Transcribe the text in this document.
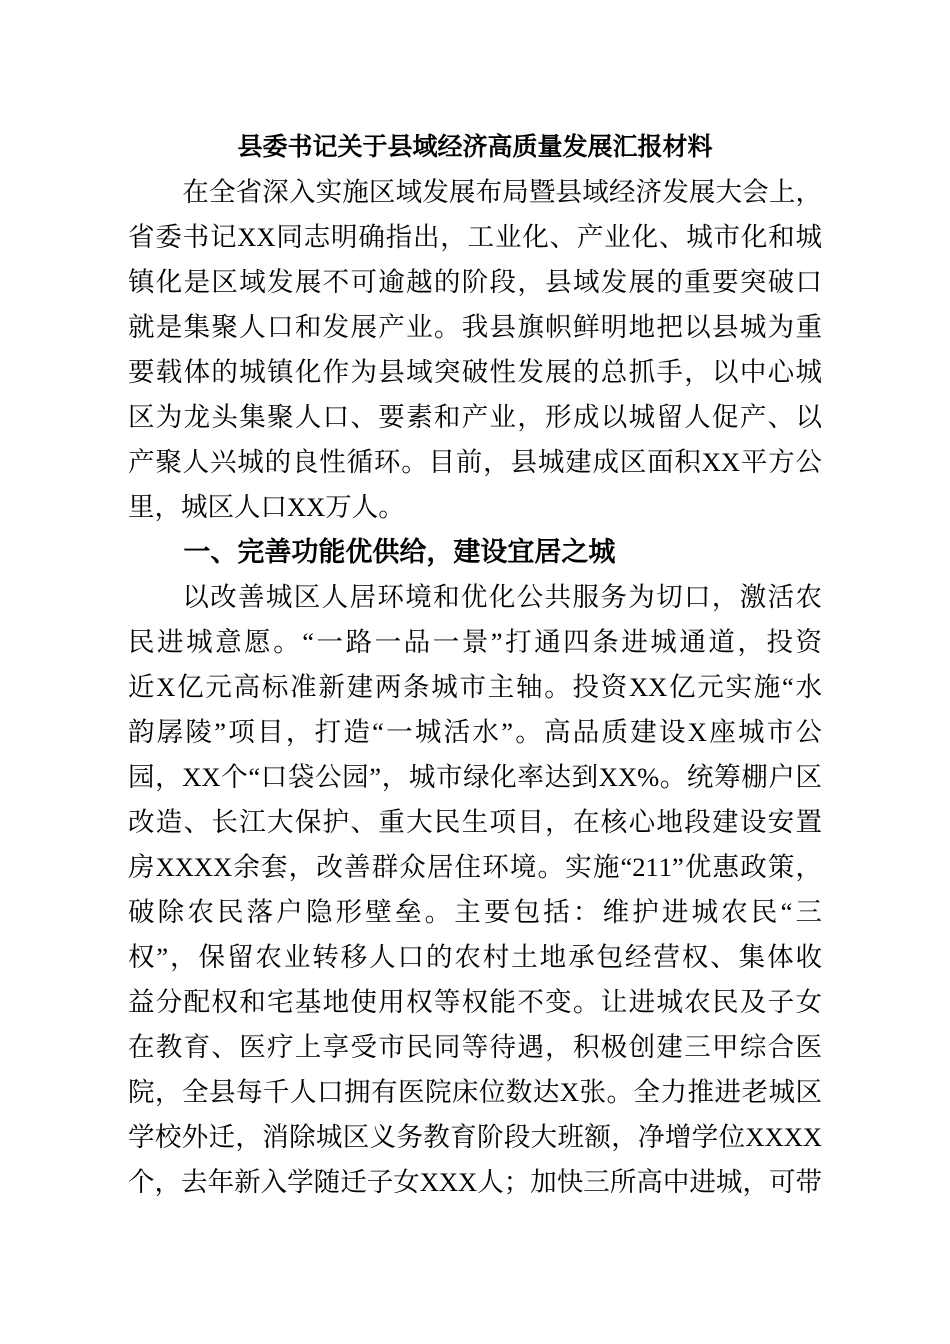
县委书记关于县域经济高质量发展汇报材料
在全省深入实施区域发展布局暨县域经济发展大会上，
省委书记XX同志明确指出，工业化、产业化、城市化和城
镇化是区域发展不可逾越的阶段，县域发展的重要突破口
就是集聚人口和发展产业。我县旗帜鲜明地把以县城为重
要载体的城镇化作为县域突破性发展的总抓手，以中心城
区为龙头集聚人口、要素和产业，形成以城留人促产、以
产聚人兴城的良性循环。目前，县城建成区面积XX平方公
里，城区人口XX万人。
一、完善功能优供给，建设宜居之城
以改善城区人居环境和优化公共服务为切口，激活农
民进城意愿。“一路一品一景”打通四条进城通道，投资
近X亿元高标准新建两条城市主轴。投资XX亿元实施“水
韵孱陵”项目，打造“一城活水”。高品质建设X座城市公
园，XX个“口袋公园”，城市绿化率达到XX%。统筹棚户区
改造、长江大保护、重大民生项目，在核心地段建设安置
房XXXX余套，改善群众居住环境。实施“211”优惠政策，
破除农民落户隐形壁垒。主要包括：维护进城农民“三
权”，保留农业转移人口的农村土地承包经营权、集体收
益分配权和宅基地使用权等权能不变。让进城农民及子女
在教育、医疗上享受市民同等待遇，积极创建三甲综合医
院，全县每千人口拥有医院床位数达X张。全力推进老城区
学校外迁，消除城区义务教育阶段大班额，净增学位XXXX
个，去年新入学随迁子女XXX人；加快三所高中进城，可带
